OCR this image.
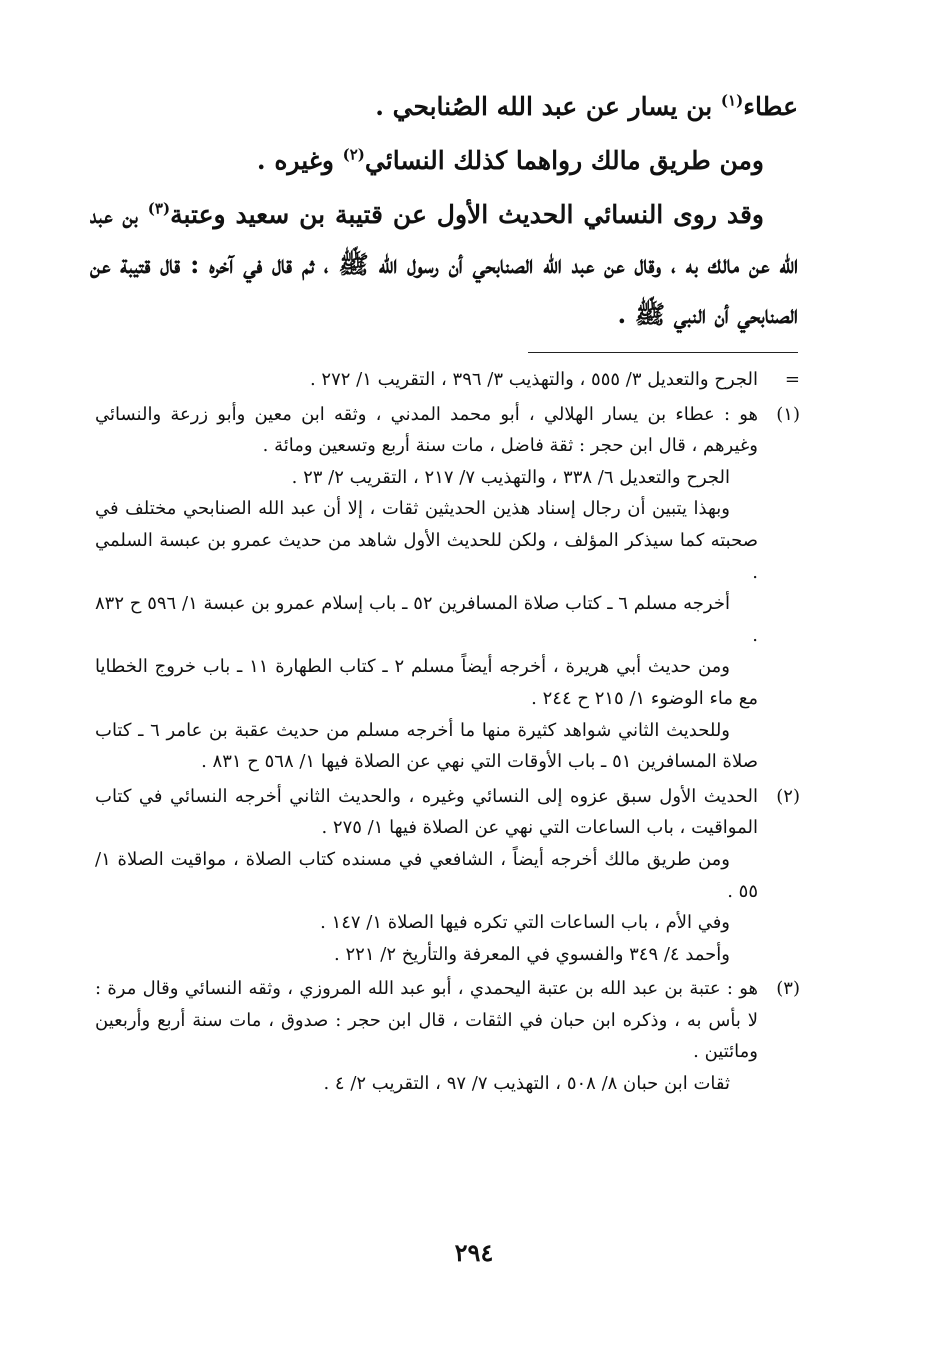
عطاء$^{(١)}$ بن يسار عن عبد الله الصُنابحي .

ومن طريق مالك رواهما كذلك النسائي$^{(٢)}$ وغيره .

وقد روى النسائي الحديث الأول عن قتيبة بن سعيد وعتبة$^{(٣)}$ بن عبد الله عن مالك به ، وقال عن عبد الله الصنابحي أن رسول الله ﷺ ، ثم قال في آخره : قال قتيبة عن الصنابحي أن النبي ﷺ .

=

الجرح والتعديل ٣/ ٥٥٥ ، والتهذيب ٣/ ٣٩٦ ، التقريب ١/ ٢٧٢ .

(١)

هو : عطاء بن يسار الهلالي ، أبو محمد المدني ، وثقه ابن معين وأبو زرعة والنسائي وغيرهم ، قال ابن حجر : ثقة فاضل ، مات سنة أربع وتسعين ومائة .

الجرح والتعديل ٦/ ٣٣٨ ، والتهذيب ٧/ ٢١٧ ، التقريب ٢/ ٢٣ .

وبهذا يتبين أن رجال إسناد هذين الحديثين ثقات ، إلا أن عبد الله الصنابحي مختلف في صحبته كما سيذكر المؤلف ، ولكن للحديث الأول شاهد من حديث عمرو بن عبسة السلمي .

أخرجه مسلم ٦ ـ كتاب صلاة المسافرين ٥٢ ـ باب إسلام عمرو بن عبسة ١/ ٥٩٦ ح ٨٣٢ .

ومن حديث أبي هريرة ، أخرجه أيضاً مسلم ٢ ـ كتاب الطهارة ١١ ـ باب خروج الخطايا مع ماء الوضوء ١/ ٢١٥ ح ٢٤٤ .

وللحديث الثاني شواهد كثيرة منها ما أخرجه مسلم من حديث عقبة بن عامر ٦ ـ كتاب صلاة المسافرين ٥١ ـ باب الأوقات التي نهي عن الصلاة فيها ١/ ٥٦٨ ح ٨٣١ .

(٢)

الحديث الأول سبق عزوه إلى النسائي وغيره ، والحديث الثاني أخرجه النسائي في كتاب المواقيت ، باب الساعات التي نهي عن الصلاة فيها ١/ ٢٧٥ .

ومن طريق مالك أخرجه أيضاً ، الشافعي في مسنده كتاب الصلاة ، مواقيت الصلاة ١/ ٥٥ .

وفي الأم ، باب الساعات التي تكره فيها الصلاة ١/ ١٤٧ .

وأحمد ٤/ ٣٤٩ والفسوي في المعرفة والتأريخ ٢/ ٢٢١ .

(٣)

هو : عتبة بن عبد الله بن عتبة اليحمدي ، أبو عبد الله المروزي ، وثقه النسائي وقال مرة : لا بأس به ، وذكره ابن حبان في الثقات ، قال ابن حجر : صدوق ، مات سنة أربع وأربعين ومائتين .

ثقات ابن حبان ٨/ ٥٠٨ ، التهذيب ٧/ ٩٧ ، التقريب ٢/ ٤ .

٢٩٤
